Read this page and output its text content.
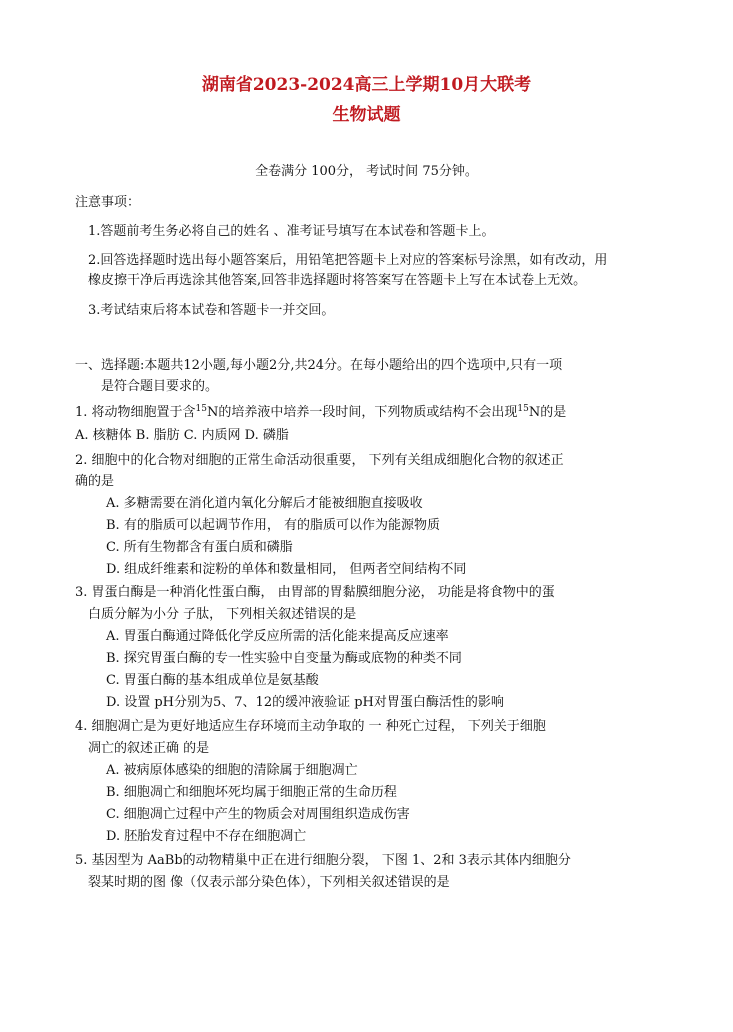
湖南省2023-2024高三上学期10月大联考
生物试题

全卷满分 100分， 考试时间 75分钟。

注意事项：

1.答题前考生务必将自己的姓名 、准考证号填写在本试卷和答题卡上。

2.回答选择题时选出每小题答案后，用铅笔把答题卡上对应的答案标号涂黑，如有改动，用

橡皮擦干净后再选涂其他答案,回答非选择题时将答案写在答题卡上写在本试卷上无效。

3.考试结束后将本试卷和答题卡一并交回。

一、选择题:本题共12小题,每小题2分,共24分。在每小题给出的四个选项中,只有一项

是符合题目要求的。

1. 将动物细胞置于含$^{15}$N的培养液中培养一段时间，下列物质或结构不会出现$^{15}$N的是

A. 核糖体 B. 脂肪 C. 内质网 D. 磷脂

2. 细胞中的化合物对细胞的正常生命活动很重要， 下列有关组成细胞化合物的叙述正

确的是

A. 多糖需要在消化道内氧化分解后才能被细胞直接吸收

B. 有的脂质可以起调节作用， 有的脂质可以作为能源物质

C. 所有生物都含有蛋白质和磷脂

D. 组成纤维素和淀粉的单体和数量相同， 但两者空间结构不同

3. 胃蛋白酶是一种消化性蛋白酶， 由胃部的胃黏膜细胞分泌， 功能是将食物中的蛋

白质分解为小分 子肽， 下列相关叙述错误的是

A. 胃蛋白酶通过降低化学反应所需的活化能来提高反应速率

B. 探究胃蛋白酶的专一性实验中自变量为酶或底物的种类不同

C. 胃蛋白酶的基本组成单位是氨基酸

D. 设置 pH分别为5、7、12的缓冲液验证 pH对胃蛋白酶活性的影响

4. 细胞凋亡是为更好地适应生存环境而主动争取的 一 种死亡过程， 下列关于细胞

凋亡的叙述正确 的是

A. 被病原体感染的细胞的清除属于细胞凋亡

B. 细胞凋亡和细胞坏死均属于细胞正常的生命历程

C. 细胞凋亡过程中产生的物质会对周围组织造成伤害

D. 胚胎发育过程中不存在细胞凋亡

5. 基因型为 AaBb的动物精巢中正在进行细胞分裂， 下图 1、2和 3表示其体内细胞分

裂某时期的图 像（仅表示部分染色体），下列相关叙述错误的是
